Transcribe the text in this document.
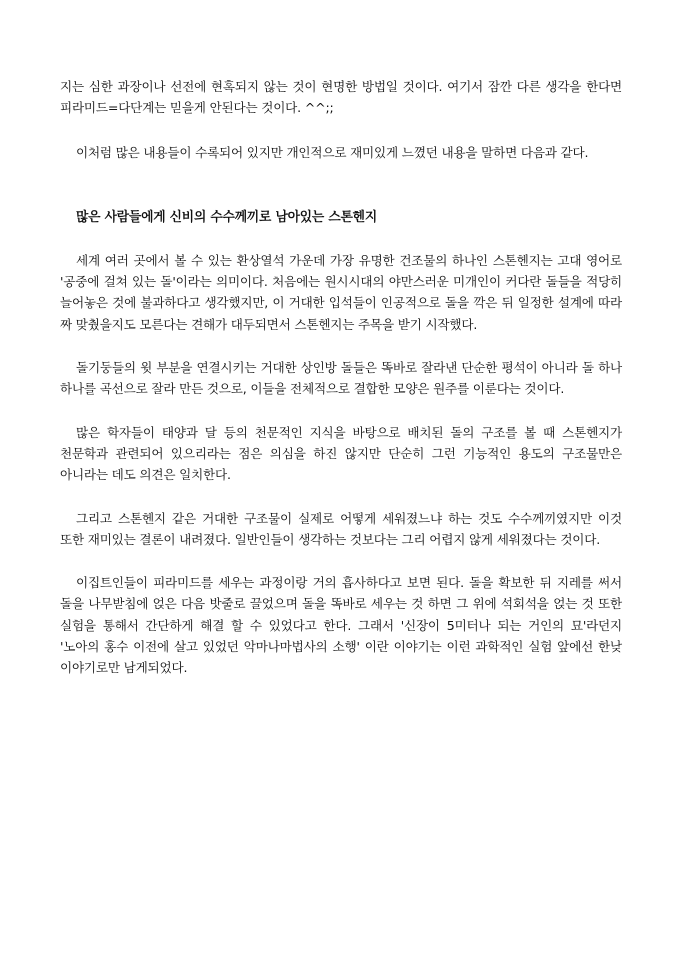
지는 심한 과장이나 선전에 현혹되지 않는 것이 현명한 방법일 것이다. 여기서 잠깐 다른 생각을 한다면 피라미드=다단계는 믿을게 안된다는 것이다. ^^;;

이처럼 많은 내용들이 수록되어 있지만 개인적으로 재미있게 느꼈던 내용을 말하면 다음과 같다.

많은 사람들에게 신비의 수수께끼로 남아있는 스톤헨지

세계 여러 곳에서 볼 수 있는 환상열석 가운데 가장 유명한 건조물의 하나인 스톤헨지는 고대 영어로 '공중에 걸쳐 있는 돌'이라는 의미이다. 처음에는 원시시대의 야만스러운 미개인이 커다란 돌들을 적당히 늘어놓은 것에 불과하다고 생각했지만, 이 거대한 입석들이 인공적으로 돌을 깍은 뒤 일정한 설계에 따라 짜 맞췄을지도 모른다는 견해가 대두되면서 스톤헨지는 주목을 받기 시작했다.

돌기둥들의 윗 부분을 연결시키는 거대한 상인방 돌들은 똑바로 잘라낸 단순한 평석이 아니라 돌 하나 하나를 곡선으로 잘라 만든 것으로, 이들을 전체적으로 결합한 모양은 원주를 이룬다는 것이다.

많은 학자들이 태양과 달 등의 천문적인 지식을 바탕으로 배치된 돌의 구조를 볼 때 스톤헨지가 천문학과 관련되어 있으리라는 점은 의심을 하진 않지만 단순히 그런 기능적인 용도의 구조물만은 아니라는 데도 의견은 일치한다.

그리고 스톤헨지 같은 거대한 구조물이 실제로 어떻게 세워졌느냐 하는 것도 수수께끼였지만 이것 또한 재미있는 결론이 내려졌다. 일반인들이 생각하는 것보다는 그리 어렵지 않게 세워졌다는 것이다.

이집트인들이 피라미드를 세우는 과정이랑 거의 흡사하다고 보면 된다. 돌을 확보한 뒤 지레를 써서 돌을 나무받침에 얹은 다음 밧줄로 끌었으며 돌을 똑바로 세우는 것 하면 그 위에 석회석을 얹는 것 또한 실험을 통해서 간단하게 해결 할 수 있었다고 한다. 그래서 '신장이 5미터나 되는 거인의 묘'라던지 '노아의 홍수 이전에 살고 있었던 악마나마법사의 소행' 이란 이야기는 이런 과학적인 실험 앞에선 한낮 이야기로만 남게되었다.
